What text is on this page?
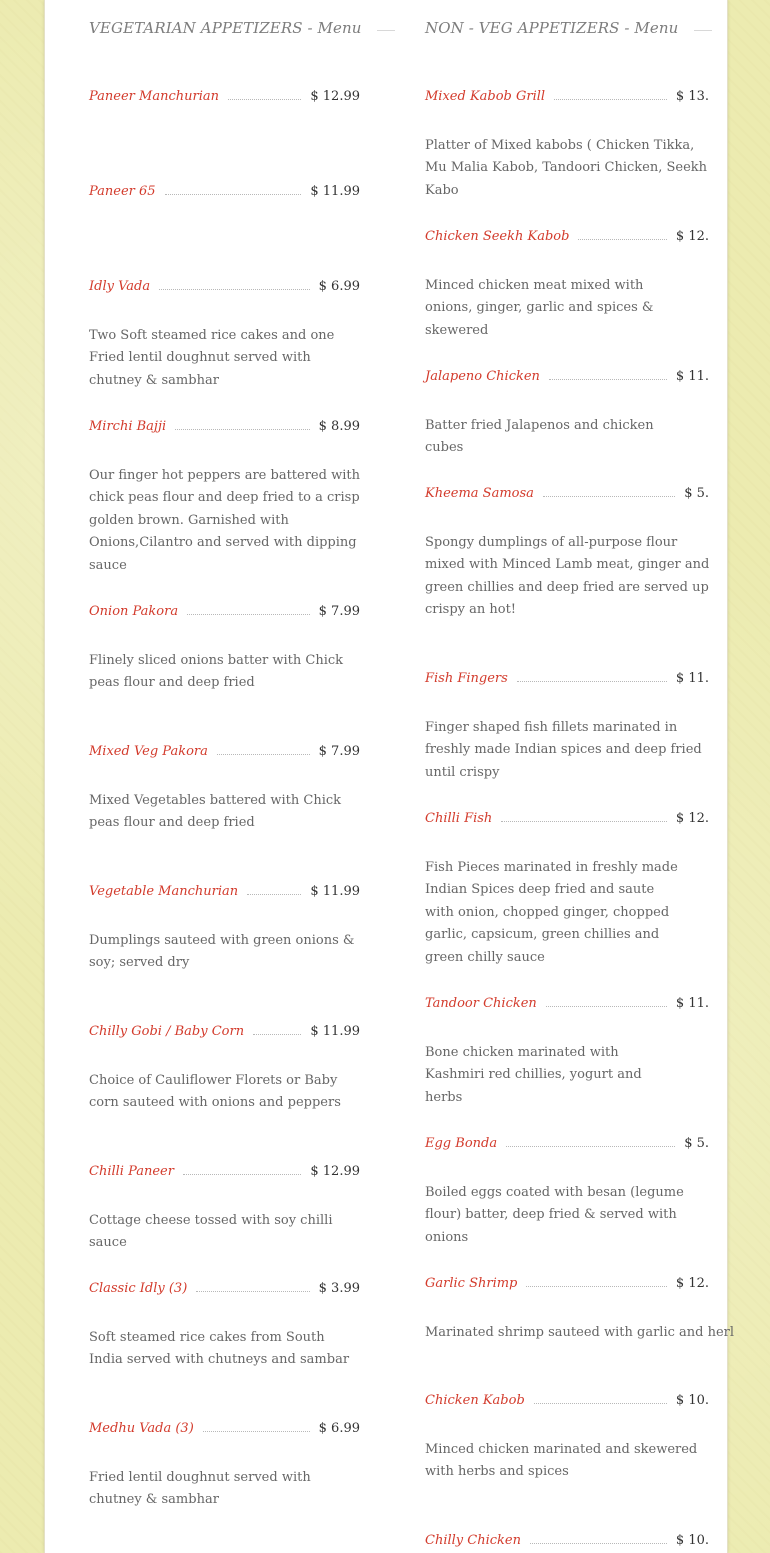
VEGETARIAN APPETIZERS - Menu
Paneer Manchurian	$ 12.99
Paneer 65	$ 11.99
Idly Vada	$ 6.99
Two Soft steamed rice cakes and one Fried lentil doughnut served with chutney & sambhar
Mirchi Bajji	$ 8.99
Our finger hot peppers are battered with chick peas flour and deep fried to a crisp golden brown. Garnished with Onions,Cilantro and served with dipping sauce
Onion Pakora	$ 7.99
Flinely sliced onions batter with Chick peas flour and deep fried
Mixed Veg Pakora	$ 7.99
Mixed Vegetables battered with Chick peas flour and deep fried
Vegetable Manchurian	$ 11.99
Dumplings sauteed with green onions & soy; served dry
Chilly Gobi / Baby Corn	$ 11.99
Choice of Cauliflower Florets or Baby corn sauteed with onions and peppers
Chilli Paneer	$ 12.99
Cottage cheese tossed with soy chilli sauce
Classic Idly (3)	$ 3.99
Soft steamed rice cakes from South India served with chutneys and sambar
Medhu Vada (3)	$ 6.99
Fried lentil doughnut served with chutney & sambhar
NON - VEG APPETIZERS - Menu
Mixed Kabob Grill	$ 13.
Platter of Mixed kabobs ( Chicken Tikka, Mu Malia Kabob, Tandoori Chicken, Seekh Kabo
Chicken Seekh Kabob	$ 12.
Minced chicken meat mixed with onions, ginger, garlic and spices & skewered
Jalapeno Chicken	$ 11.
Batter fried Jalapenos and chicken cubes
Kheema Samosa	$ 5.
Spongy dumplings of all-purpose flour mixed with Minced Lamb meat, ginger and green chillies and deep fried are served up crispy an hot!
Fish Fingers	$ 11.
Finger shaped fish fillets marinated in freshly made Indian spices and deep fried until crispy
Chilli Fish	$ 12.
Fish Pieces marinated in freshly made Indian Spices deep fried and saute with onion, chopped ginger, chopped garlic, capsicum, green chillies and green chilly sauce
Tandoor Chicken	$ 11.
Bone chicken marinated with Kashmiri red chillies, yogurt and herbs
Egg Bonda	$ 5.
Boiled eggs coated with besan (legume flour) batter, deep fried & served with onions
Garlic Shrimp	$ 12.
Marinated shrimp sauteed with garlic and herl
Chicken Kabob	$ 10.
Minced chicken marinated and skewered with herbs and spices
Chilly Chicken	$ 10.
